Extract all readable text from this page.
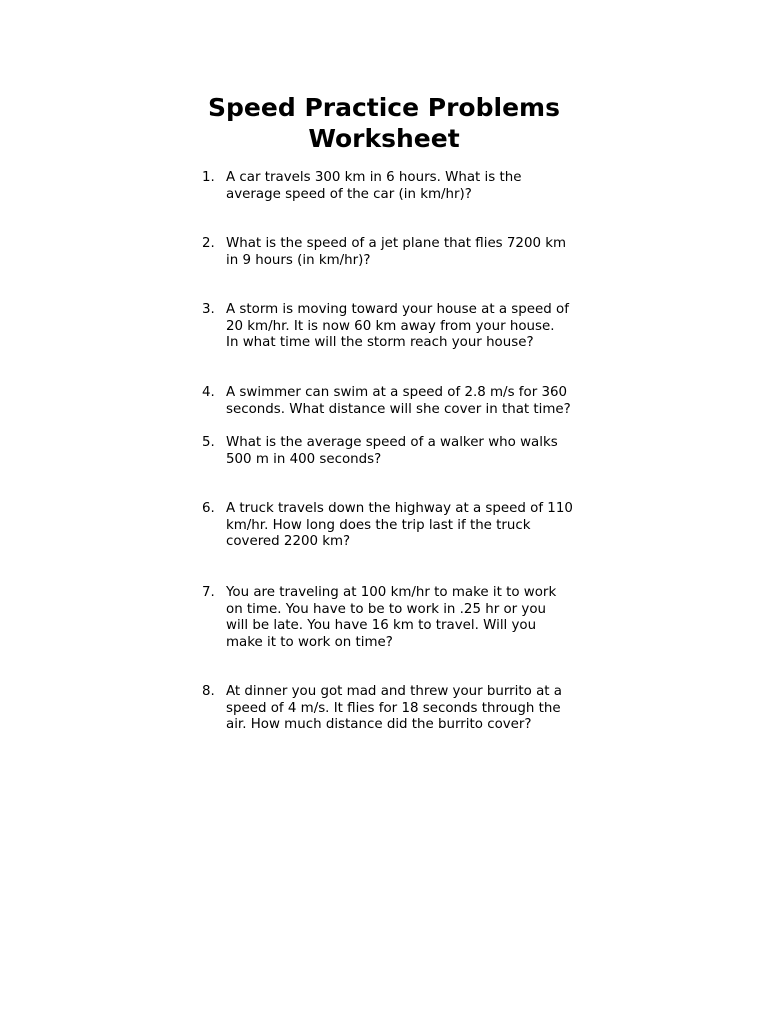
Speed Practice Problems
Worksheet
1. A car travels 300 km in 6 hours. What is the
average speed of the car (in km/hr)?
2. What is the speed of a jet plane that flies 7200 km
in 9 hours (in km/hr)?
3. A storm is moving toward your house at a speed of
20 km/hr. It is now 60 km away from your house.
In what time will the storm reach your house?
4. A swimmer can swim at a speed of 2.8 m/s for 360
seconds. What distance will she cover in that time?
5. What is the average speed of a walker who walks
500 m in 400 seconds?
6. A truck travels down the highway at a speed of 110
km/hr. How long does the trip last if the truck
covered 2200 km?
7. You are traveling at 100 km/hr to make it to work
on time. You have to be to work in .25 hr or you
will be late. You have 16 km to travel. Will you
make it to work on time?
8. At dinner you got mad and threw your burrito at a
speed of 4 m/s. It flies for 18 seconds through the
air. How much distance did the burrito cover?
